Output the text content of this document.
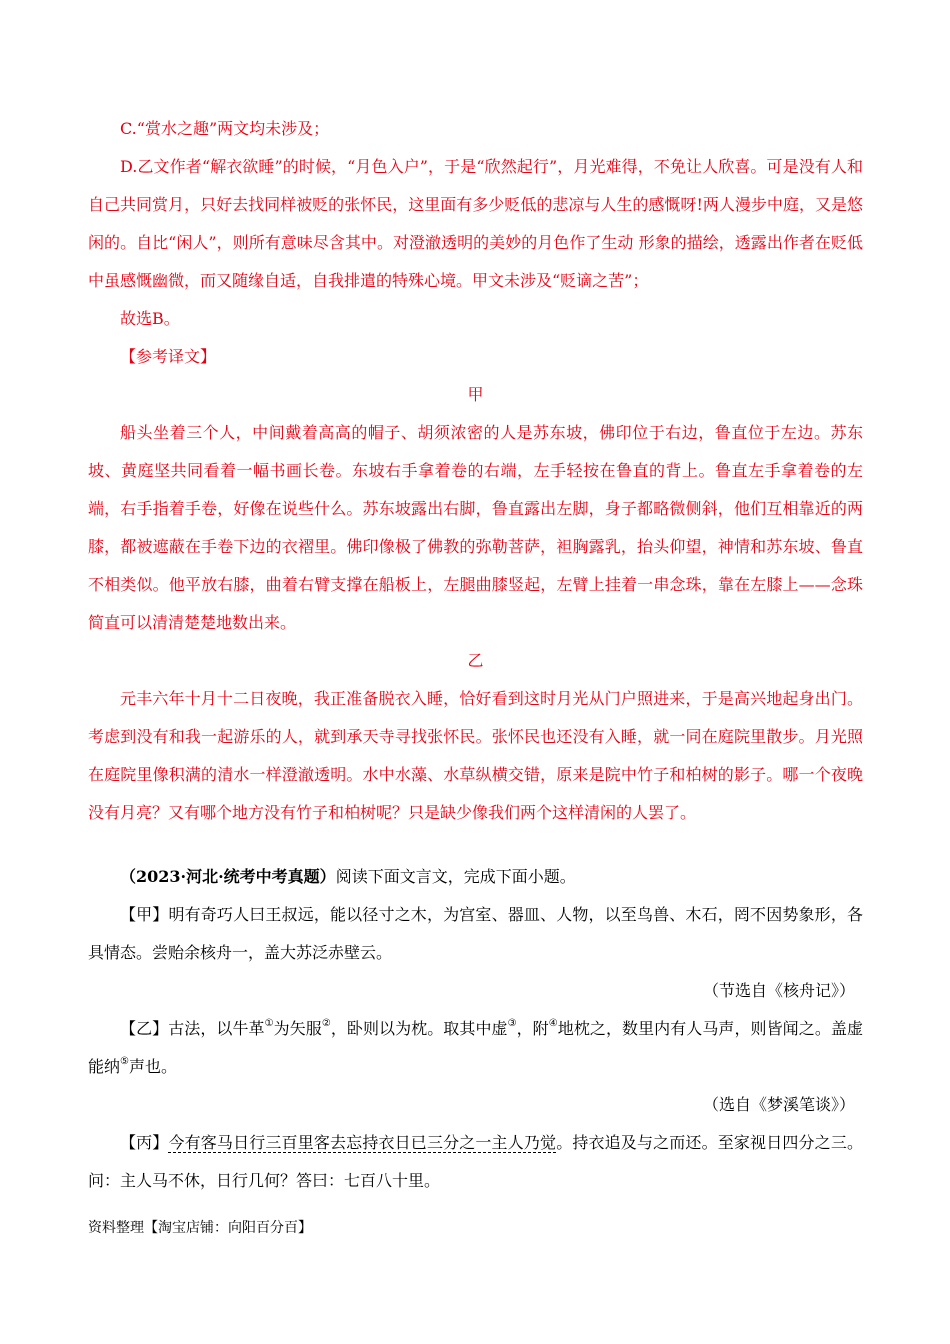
C.“赏水之趣”两文均未涉及；

D.乙文作者“解衣欲睡”的时候，“月色入户”，于是“欣然起行”，月光难得，不免让人欣喜。可是没有人和自己共同赏月，只好去找同样被贬的张怀民，这里面有多少贬低的悲凉与人生的感慨呀!两人漫步中庭，又是悠闲的。自比“闲人”，则所有意味尽含其中。对澄澈透明的美妙的月色作了生动 形象的描绘，透露出作者在贬低中虽感慨幽微，而又随缘自适，自我排遣的特殊心境。甲文未涉及“贬谪之苦”；

故选B。

【参考译文】

甲

船头坐着三个人，中间戴着高高的帽子、胡须浓密的人是苏东坡，佛印位于右边，鲁直位于左边。苏东坡、黄庭坚共同看着一幅书画长卷。东坡右手拿着卷的右端，左手轻按在鲁直的背上。鲁直左手拿着卷的左端，右手指着手卷，好像在说些什么。苏东坡露出右脚，鲁直露出左脚，身子都略微侧斜，他们互相靠近的两膝，都被遮蔽在手卷下边的衣褶里。佛印像极了佛教的弥勒菩萨，袒胸露乳，抬头仰望，神情和苏东坡、鲁直不相类似。他平放右膝，曲着右臂支撑在船板上，左腿曲膝竖起，左臂上挂着一串念珠，靠在左膝上——念珠简直可以清清楚楚地数出来。

乙

元丰六年十月十二日夜晚，我正准备脱衣入睡，恰好看到这时月光从门户照进来，于是高兴地起身出门。考虑到没有和我一起游乐的人，就到承天寺寻找张怀民。张怀民也还没有入睡，就一同在庭院里散步。月光照在庭院里像积满的清水一样澄澈透明。水中水藻、水草纵横交错，原来是院中竹子和柏树的影子。哪一个夜晚没有月亮？又有哪个地方没有竹子和柏树呢？只是缺少像我们两个这样清闲的人罢了。

（2023·河北·统考中考真题）阅读下面文言文，完成下面小题。

【甲】明有奇巧人曰王叔远，能以径寸之木，为宫室、器皿、人物，以至鸟兽、木石，罔不因势象形，各具情态。尝贻余核舟一，盖大苏泛赤壁云。

（节选自《核舟记》）

【乙】古法，以牛革①为矢服②，卧则以为枕。取其中虚③，附④地枕之，数里内有人马声，则皆闻之。盖虚能纳⑤声也。

（选自《梦溪笔谈》）

【丙】今有客马日行三百里客去忘持衣日已三分之一主人乃觉。持衣追及与之而还。至家视日四分之三。问：主人马不休，日行几何？答曰：七百八十里。

资料整理【淘宝店铺：向阳百分百】
